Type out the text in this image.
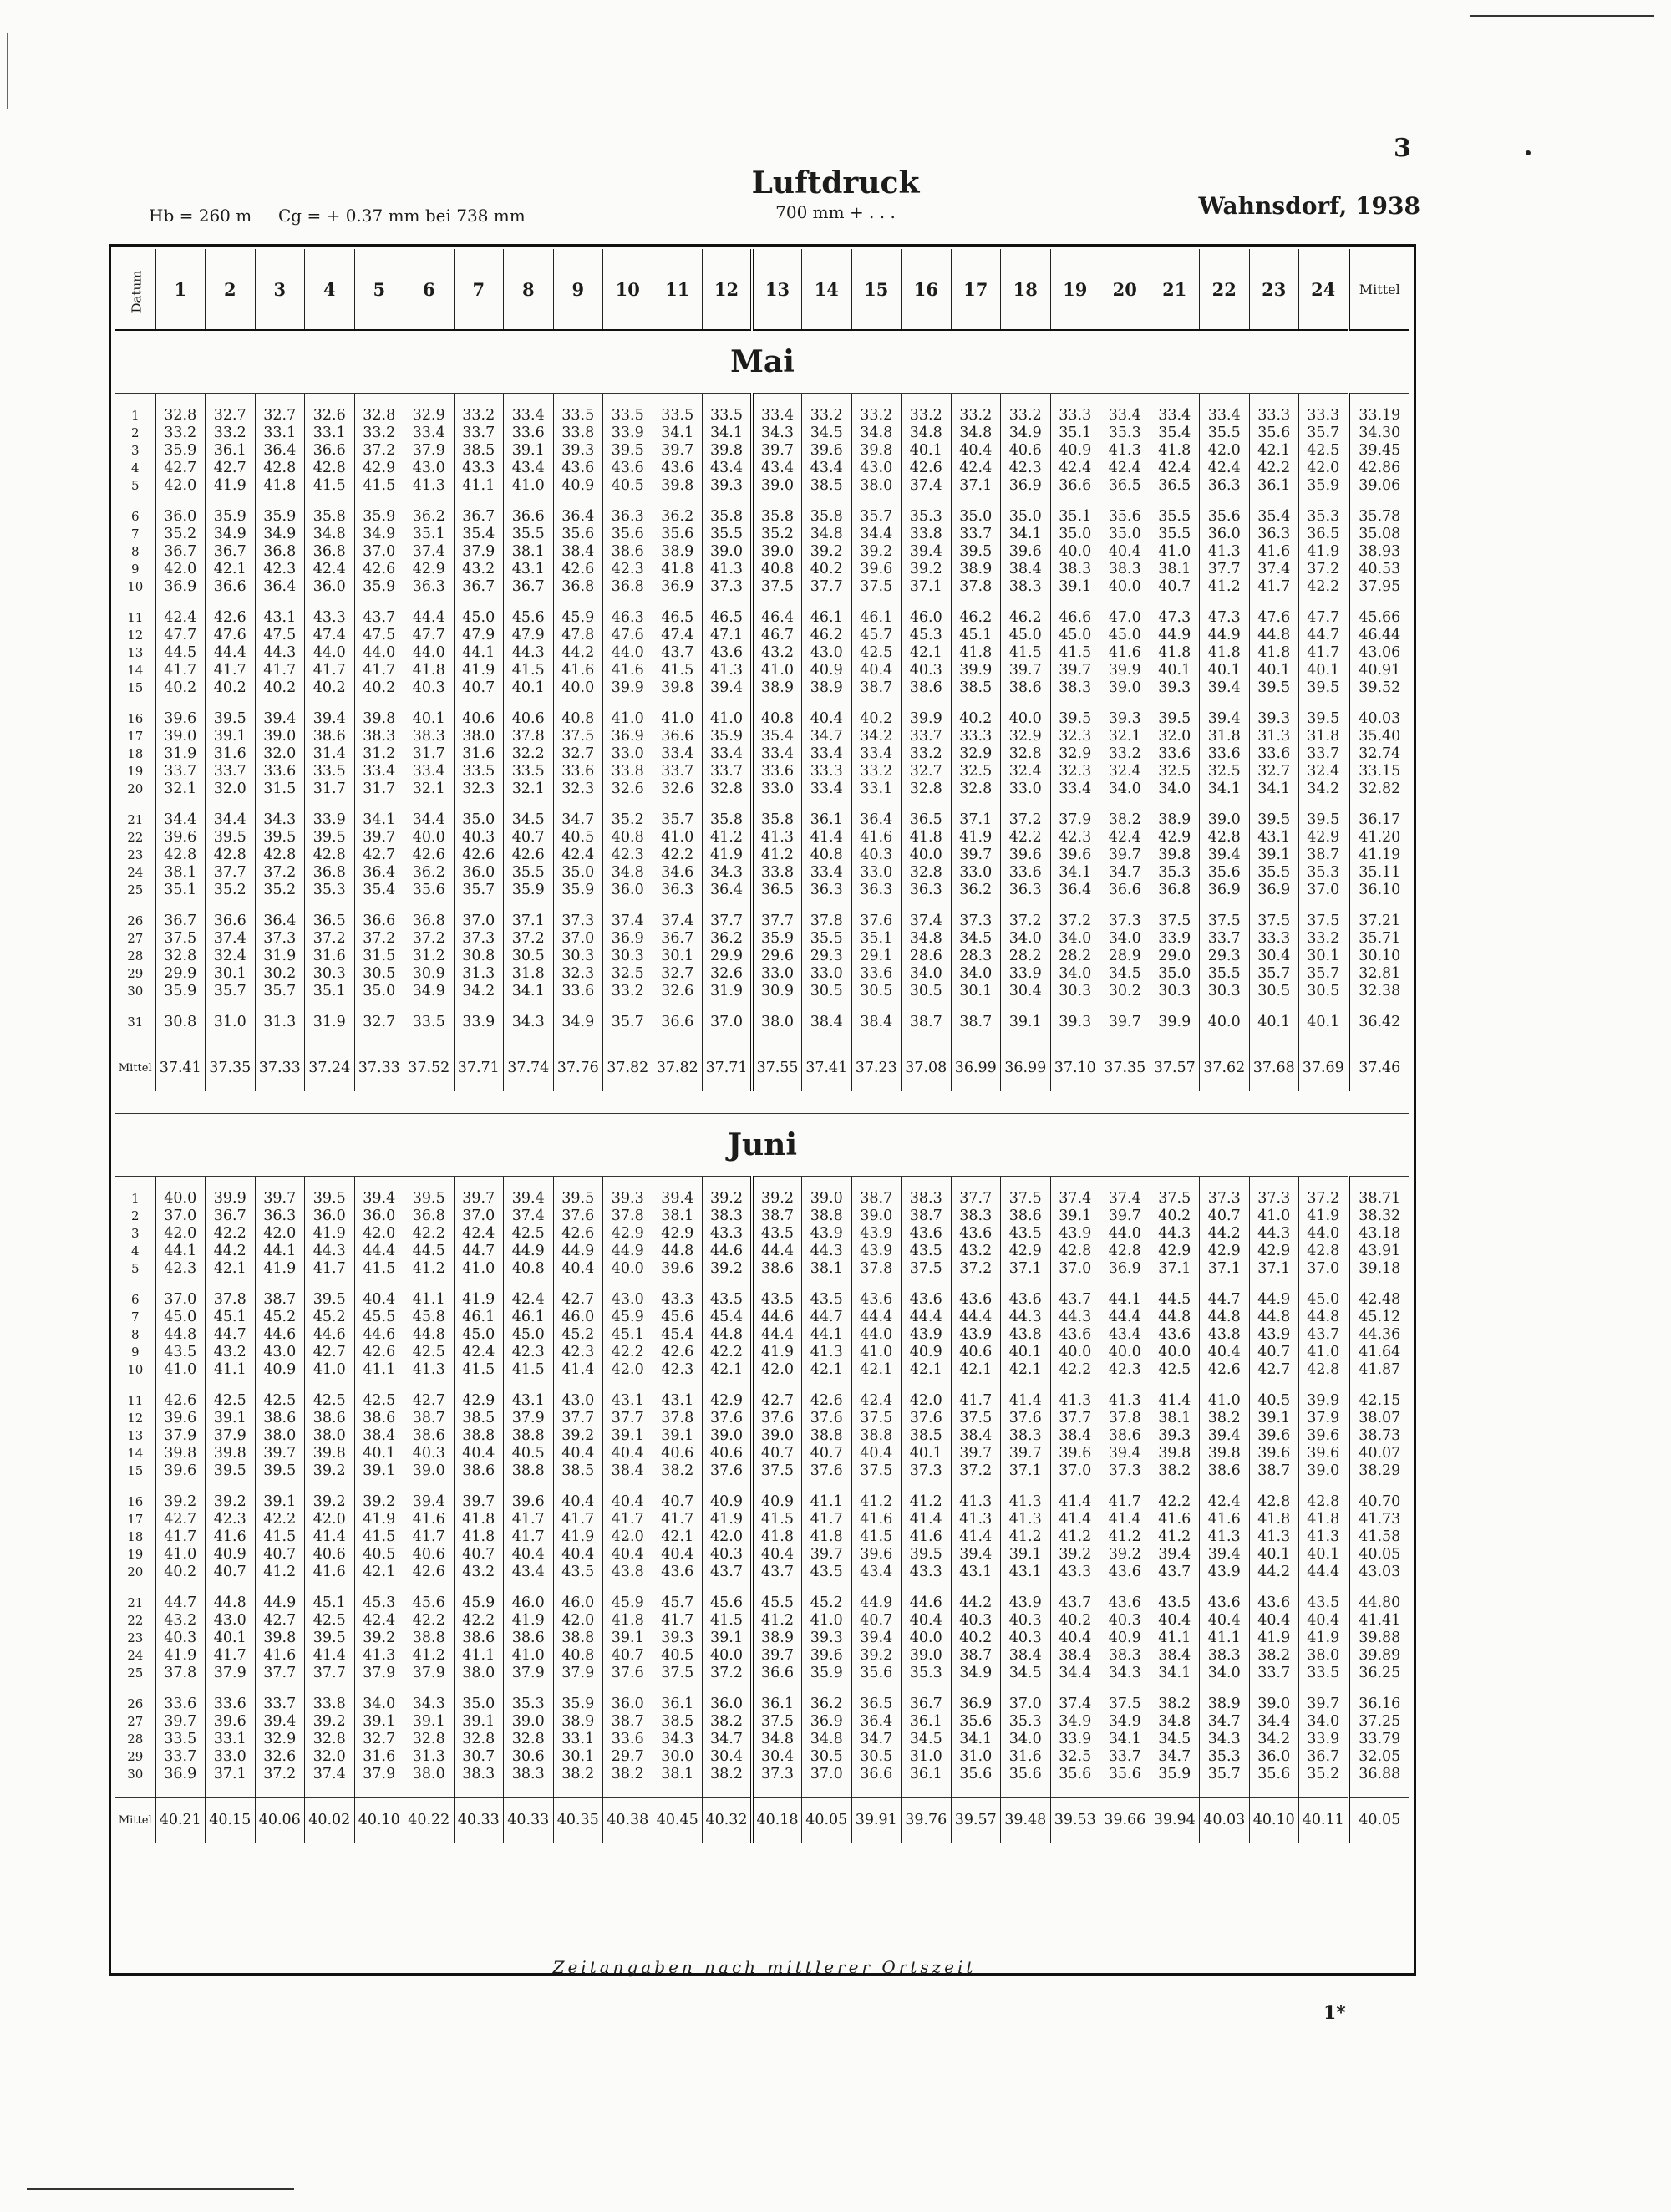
3
Luftdruck
700 mm + . . .
Hb = 260 m     Cg = + 0.37 mm bei 738 mm	Wahnsdorf, 1938
Datum	1	2	3	4	5	6	7	8	9	10	11	12	13	14	15	16	17	18	19	20	21	22	23	24	Mittel
Mai																									

1	32.8	32.7	32.7	32.6	32.8	32.9	33.2	33.4	33.5	33.5	33.5	33.5	33.4	33.2	33.2	33.2	33.2	33.2	33.3	33.4	33.4	33.4	33.3	33.3	33.19
2	33.2	33.2	33.1	33.1	33.2	33.4	33.7	33.6	33.8	33.9	34.1	34.1	34.3	34.5	34.8	34.8	34.8	34.9	35.1	35.3	35.4	35.5	35.6	35.7	34.30
3	35.9	36.1	36.4	36.6	37.2	37.9	38.5	39.1	39.3	39.5	39.7	39.8	39.7	39.6	39.8	40.1	40.4	40.6	40.9	41.3	41.8	42.0	42.1	42.5	39.45
4	42.7	42.7	42.8	42.8	42.9	43.0	43.3	43.4	43.6	43.6	43.6	43.4	43.4	43.4	43.0	42.6	42.4	42.3	42.4	42.4	42.4	42.4	42.2	42.0	42.86
5	42.0	41.9	41.8	41.5	41.5	41.3	41.1	41.0	40.9	40.5	39.8	39.3	39.0	38.5	38.0	37.4	37.1	36.9	36.6	36.5	36.5	36.3	36.1	35.9	39.06

6	36.0	35.9	35.9	35.8	35.9	36.2	36.7	36.6	36.4	36.3	36.2	35.8	35.8	35.8	35.7	35.3	35.0	35.0	35.1	35.6	35.5	35.6	35.4	35.3	35.78
7	35.2	34.9	34.9	34.8	34.9	35.1	35.4	35.5	35.6	35.6	35.6	35.5	35.2	34.8	34.4	33.8	33.7	34.1	35.0	35.0	35.5	36.0	36.3	36.5	35.08
8	36.7	36.7	36.8	36.8	37.0	37.4	37.9	38.1	38.4	38.6	38.9	39.0	39.0	39.2	39.2	39.4	39.5	39.6	40.0	40.4	41.0	41.3	41.6	41.9	38.93
9	42.0	42.1	42.3	42.4	42.6	42.9	43.2	43.1	42.6	42.3	41.8	41.3	40.8	40.2	39.6	39.2	38.9	38.4	38.3	38.3	38.1	37.7	37.4	37.2	40.53
10	36.9	36.6	36.4	36.0	35.9	36.3	36.7	36.7	36.8	36.8	36.9	37.3	37.5	37.7	37.5	37.1	37.8	38.3	39.1	40.0	40.7	41.2	41.7	42.2	37.95

11	42.4	42.6	43.1	43.3	43.7	44.4	45.0	45.6	45.9	46.3	46.5	46.5	46.4	46.1	46.1	46.0	46.2	46.2	46.6	47.0	47.3	47.3	47.6	47.7	45.66
12	47.7	47.6	47.5	47.4	47.5	47.7	47.9	47.9	47.8	47.6	47.4	47.1	46.7	46.2	45.7	45.3	45.1	45.0	45.0	45.0	44.9	44.9	44.8	44.7	46.44
13	44.5	44.4	44.3	44.0	44.0	44.0	44.1	44.3	44.2	44.0	43.7	43.6	43.2	43.0	42.5	42.1	41.8	41.5	41.5	41.6	41.8	41.8	41.8	41.7	43.06
14	41.7	41.7	41.7	41.7	41.7	41.8	41.9	41.5	41.6	41.6	41.5	41.3	41.0	40.9	40.4	40.3	39.9	39.7	39.7	39.9	40.1	40.1	40.1	40.1	40.91
15	40.2	40.2	40.2	40.2	40.2	40.3	40.7	40.1	40.0	39.9	39.8	39.4	38.9	38.9	38.7	38.6	38.5	38.6	38.3	39.0	39.3	39.4	39.5	39.5	39.52

16	39.6	39.5	39.4	39.4	39.8	40.1	40.6	40.6	40.8	41.0	41.0	41.0	40.8	40.4	40.2	39.9	40.2	40.0	39.5	39.3	39.5	39.4	39.3	39.5	40.03
17	39.0	39.1	39.0	38.6	38.3	38.3	38.0	37.8	37.5	36.9	36.6	35.9	35.4	34.7	34.2	33.7	33.3	32.9	32.3	32.1	32.0	31.8	31.3	31.8	35.40
18	31.9	31.6	32.0	31.4	31.2	31.7	31.6	32.2	32.7	33.0	33.4	33.4	33.4	33.4	33.4	33.2	32.9	32.8	32.9	33.2	33.6	33.6	33.6	33.7	32.74
19	33.7	33.7	33.6	33.5	33.4	33.4	33.5	33.5	33.6	33.8	33.7	33.7	33.6	33.3	33.2	32.7	32.5	32.4	32.3	32.4	32.5	32.5	32.7	32.4	33.15
20	32.1	32.0	31.5	31.7	31.7	32.1	32.3	32.1	32.3	32.6	32.6	32.8	33.0	33.4	33.1	32.8	32.8	33.0	33.4	34.0	34.0	34.1	34.1	34.2	32.82

21	34.4	34.4	34.3	33.9	34.1	34.4	35.0	34.5	34.7	35.2	35.7	35.8	35.8	36.1	36.4	36.5	37.1	37.2	37.9	38.2	38.9	39.0	39.5	39.5	36.17
22	39.6	39.5	39.5	39.5	39.7	40.0	40.3	40.7	40.5	40.8	41.0	41.2	41.3	41.4	41.6	41.8	41.9	42.2	42.3	42.4	42.9	42.8	43.1	42.9	41.20
23	42.8	42.8	42.8	42.8	42.7	42.6	42.6	42.6	42.4	42.3	42.2	41.9	41.2	40.8	40.3	40.0	39.7	39.6	39.6	39.7	39.8	39.4	39.1	38.7	41.19
24	38.1	37.7	37.2	36.8	36.4	36.2	36.0	35.5	35.0	34.8	34.6	34.3	33.8	33.4	33.0	32.8	33.0	33.6	34.1	34.7	35.3	35.6	35.5	35.3	35.11
25	35.1	35.2	35.2	35.3	35.4	35.6	35.7	35.9	35.9	36.0	36.3	36.4	36.5	36.3	36.3	36.3	36.2	36.3	36.4	36.6	36.8	36.9	36.9	37.0	36.10

26	36.7	36.6	36.4	36.5	36.6	36.8	37.0	37.1	37.3	37.4	37.4	37.7	37.7	37.8	37.6	37.4	37.3	37.2	37.2	37.3	37.5	37.5	37.5	37.5	37.21
27	37.5	37.4	37.3	37.2	37.2	37.2	37.3	37.2	37.0	36.9	36.7	36.2	35.9	35.5	35.1	34.8	34.5	34.0	34.0	34.0	33.9	33.7	33.3	33.2	35.71
28	32.8	32.4	31.9	31.6	31.5	31.2	30.8	30.5	30.3	30.3	30.1	29.9	29.6	29.3	29.1	28.6	28.3	28.2	28.2	28.9	29.0	29.3	30.4	30.1	30.10
29	29.9	30.1	30.2	30.3	30.5	30.9	31.3	31.8	32.3	32.5	32.7	32.6	33.0	33.0	33.6	34.0	34.0	33.9	34.0	34.5	35.0	35.5	35.7	35.7	32.81
30	35.9	35.7	35.7	35.1	35.0	34.9	34.2	34.1	33.6	33.2	32.6	31.9	30.9	30.5	30.5	30.5	30.1	30.4	30.3	30.2	30.3	30.3	30.5	30.5	32.38

31	30.8	31.0	31.3	31.9	32.7	33.5	33.9	34.3	34.9	35.7	36.6	37.0	38.0	38.4	38.4	38.7	38.7	39.1	39.3	39.7	39.9	40.0	40.1	40.1	36.42

Mittel	37.41	37.35	37.33	37.24	37.33	37.52	37.71	37.74	37.76	37.82	37.82	37.71	37.55	37.41	37.23	37.08	36.99	36.99	37.10	37.35	37.57	37.62	37.68	37.69	37.46

Juni																									

1	40.0	39.9	39.7	39.5	39.4	39.5	39.7	39.4	39.5	39.3	39.4	39.2	39.2	39.0	38.7	38.3	37.7	37.5	37.4	37.4	37.5	37.3	37.3	37.2	38.71
2	37.0	36.7	36.3	36.0	36.0	36.8	37.0	37.4	37.6	37.8	38.1	38.3	38.7	38.8	39.0	38.7	38.3	38.6	39.1	39.7	40.2	40.7	41.0	41.9	38.32
3	42.0	42.2	42.0	41.9	42.0	42.2	42.4	42.5	42.6	42.9	42.9	43.3	43.5	43.9	43.9	43.6	43.6	43.5	43.9	44.0	44.3	44.2	44.3	44.0	43.18
4	44.1	44.2	44.1	44.3	44.4	44.5	44.7	44.9	44.9	44.9	44.8	44.6	44.4	44.3	43.9	43.5	43.2	42.9	42.8	42.8	42.9	42.9	42.9	42.8	43.91
5	42.3	42.1	41.9	41.7	41.5	41.2	41.0	40.8	40.4	40.0	39.6	39.2	38.6	38.1	37.8	37.5	37.2	37.1	37.0	36.9	37.1	37.1	37.1	37.0	39.18

6	37.0	37.8	38.7	39.5	40.4	41.1	41.9	42.4	42.7	43.0	43.3	43.5	43.5	43.5	43.6	43.6	43.6	43.6	43.7	44.1	44.5	44.7	44.9	45.0	42.48
7	45.0	45.1	45.2	45.2	45.5	45.8	46.1	46.1	46.0	45.9	45.6	45.4	44.6	44.7	44.4	44.4	44.4	44.3	44.3	44.4	44.8	44.8	44.8	44.8	45.12
8	44.8	44.7	44.6	44.6	44.6	44.8	45.0	45.0	45.2	45.1	45.4	44.8	44.4	44.1	44.0	43.9	43.9	43.8	43.6	43.4	43.6	43.8	43.9	43.7	44.36
9	43.5	43.2	43.0	42.7	42.6	42.5	42.4	42.3	42.3	42.2	42.6	42.2	41.9	41.3	41.0	40.9	40.6	40.1	40.0	40.0	40.0	40.4	40.7	41.0	41.64
10	41.0	41.1	40.9	41.0	41.1	41.3	41.5	41.5	41.4	42.0	42.3	42.1	42.0	42.1	42.1	42.1	42.1	42.1	42.2	42.3	42.5	42.6	42.7	42.8	41.87

11	42.6	42.5	42.5	42.5	42.5	42.7	42.9	43.1	43.0	43.1	43.1	42.9	42.7	42.6	42.4	42.0	41.7	41.4	41.3	41.3	41.4	41.0	40.5	39.9	42.15
12	39.6	39.1	38.6	38.6	38.6	38.7	38.5	37.9	37.7	37.7	37.8	37.6	37.6	37.6	37.5	37.6	37.5	37.6	37.7	37.8	38.1	38.2	39.1	37.9	38.07
13	37.9	37.9	38.0	38.0	38.4	38.6	38.8	38.8	39.2	39.1	39.1	39.0	39.0	38.8	38.8	38.5	38.4	38.3	38.4	38.6	39.3	39.4	39.6	39.6	38.73
14	39.8	39.8	39.7	39.8	40.1	40.3	40.4	40.5	40.4	40.4	40.6	40.6	40.7	40.7	40.4	40.1	39.7	39.7	39.6	39.4	39.8	39.8	39.6	39.6	40.07
15	39.6	39.5	39.5	39.2	39.1	39.0	38.6	38.8	38.5	38.4	38.2	37.6	37.5	37.6	37.5	37.3	37.2	37.1	37.0	37.3	38.2	38.6	38.7	39.0	38.29

16	39.2	39.2	39.1	39.2	39.2	39.4	39.7	39.6	40.4	40.4	40.7	40.9	40.9	41.1	41.2	41.2	41.3	41.3	41.4	41.7	42.2	42.4	42.8	42.8	40.70
17	42.7	42.3	42.2	42.0	41.9	41.6	41.8	41.7	41.7	41.7	41.7	41.9	41.5	41.7	41.6	41.4	41.3	41.3	41.4	41.4	41.6	41.6	41.8	41.8	41.73
18	41.7	41.6	41.5	41.4	41.5	41.7	41.8	41.7	41.9	42.0	42.1	42.0	41.8	41.8	41.5	41.6	41.4	41.2	41.2	41.2	41.2	41.3	41.3	41.3	41.58
19	41.0	40.9	40.7	40.6	40.5	40.6	40.7	40.4	40.4	40.4	40.4	40.3	40.4	39.7	39.6	39.5	39.4	39.1	39.2	39.2	39.4	39.4	40.1	40.1	40.05
20	40.2	40.7	41.2	41.6	42.1	42.6	43.2	43.4	43.5	43.8	43.6	43.7	43.7	43.5	43.4	43.3	43.1	43.1	43.3	43.6	43.7	43.9	44.2	44.4	43.03

21	44.7	44.8	44.9	45.1	45.3	45.6	45.9	46.0	46.0	45.9	45.7	45.6	45.5	45.2	44.9	44.6	44.2	43.9	43.7	43.6	43.5	43.6	43.6	43.5	44.80
22	43.2	43.0	42.7	42.5	42.4	42.2	42.2	41.9	42.0	41.8	41.7	41.5	41.2	41.0	40.7	40.4	40.3	40.3	40.2	40.3	40.4	40.4	40.4	40.4	41.41
23	40.3	40.1	39.8	39.5	39.2	38.8	38.6	38.6	38.8	39.1	39.3	39.1	38.9	39.3	39.4	40.0	40.2	40.3	40.4	40.9	41.1	41.1	41.9	41.9	39.88
24	41.9	41.7	41.6	41.4	41.3	41.2	41.1	41.0	40.8	40.7	40.5	40.0	39.7	39.6	39.2	39.0	38.7	38.4	38.4	38.3	38.4	38.3	38.2	38.0	39.89
25	37.8	37.9	37.7	37.7	37.9	37.9	38.0	37.9	37.9	37.6	37.5	37.2	36.6	35.9	35.6	35.3	34.9	34.5	34.4	34.3	34.1	34.0	33.7	33.5	36.25

26	33.6	33.6	33.7	33.8	34.0	34.3	35.0	35.3	35.9	36.0	36.1	36.0	36.1	36.2	36.5	36.7	36.9	37.0	37.4	37.5	38.2	38.9	39.0	39.7	36.16
27	39.7	39.6	39.4	39.2	39.1	39.1	39.1	39.0	38.9	38.7	38.5	38.2	37.5	36.9	36.4	36.1	35.6	35.3	34.9	34.9	34.8	34.7	34.4	34.0	37.25
28	33.5	33.1	32.9	32.8	32.7	32.8	32.8	32.8	33.1	33.6	34.3	34.7	34.8	34.8	34.7	34.5	34.1	34.0	33.9	34.1	34.5	34.3	34.2	33.9	33.79
29	33.7	33.0	32.6	32.0	31.6	31.3	30.7	30.6	30.1	29.7	30.0	30.4	30.4	30.5	30.5	31.0	31.0	31.6	32.5	33.7	34.7	35.3	36.0	36.7	32.05
30	36.9	37.1	37.2	37.4	37.9	38.0	38.3	38.3	38.2	38.2	38.1	38.2	37.3	37.0	36.6	36.1	35.6	35.6	35.6	35.6	35.9	35.7	35.6	35.2	36.88

Mittel	40.21	40.15	40.06	40.02	40.10	40.22	40.33	40.33	40.35	40.38	40.45	40.32	40.18	40.05	39.91	39.76	39.57	39.48	39.53	39.66	39.94	40.03	40.10	40.11	40.05

Zeitangaben nach mittlerer Ortszeit
1*
